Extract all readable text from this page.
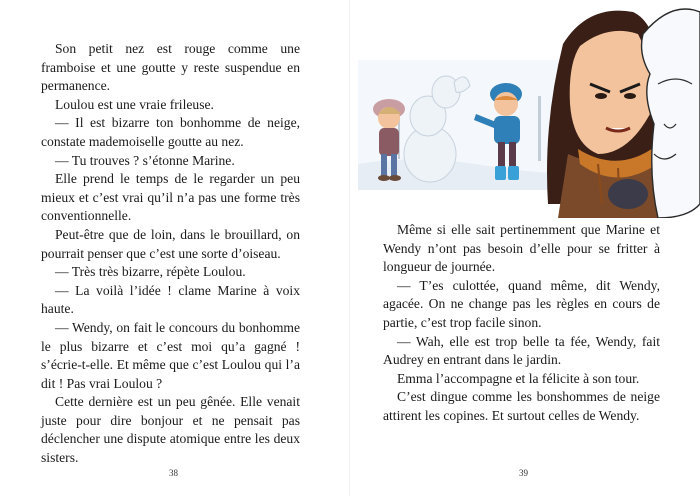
Son petit nez est rouge comme une framboise et une goutte y reste suspendue en permanence.

Loulou est une vraie frileuse.

— Il est bizarre ton bonhomme de neige, constate mademoiselle goutte au nez.

— Tu trouves ? s’étonne Marine.

Elle prend le temps de le regarder un peu mieux et c’est vrai qu’il n’a pas une forme très conventionnelle.

Peut-être que de loin, dans le brouillard, on pourrait penser que c’est une sorte d’oiseau.

— Très très bizarre, répète Loulou.

— La voilà l’idée ! clame Marine à voix haute.

— Wendy, on fait le concours du bonhomme le plus bizarre et c’est moi qu’a gagné ! s’écrie-t-elle. Et même que c’est Loulou qui l’a dit ! Pas vrai Loulou ?

Cette dernière est un peu gênée. Elle venait juste pour dire bonjour et ne pensait pas déclencher une dispute atomique entre les deux sisters.

38

Même si elle sait pertinemment que Marine et Wendy n’ont pas besoin d’elle pour se fritter à longueur de journée.

— T’es culottée, quand même, dit Wendy, agacée. On ne change pas les règles en cours de partie, c’est trop facile sinon.

— Wah, elle est trop belle ta fée, Wendy, fait Audrey en entrant dans le jardin.

Emma l’accompagne et la félicite à son tour.

C’est dingue comme les bonshommes de neige attirent les copines. Et surtout celles de Wendy.

39
